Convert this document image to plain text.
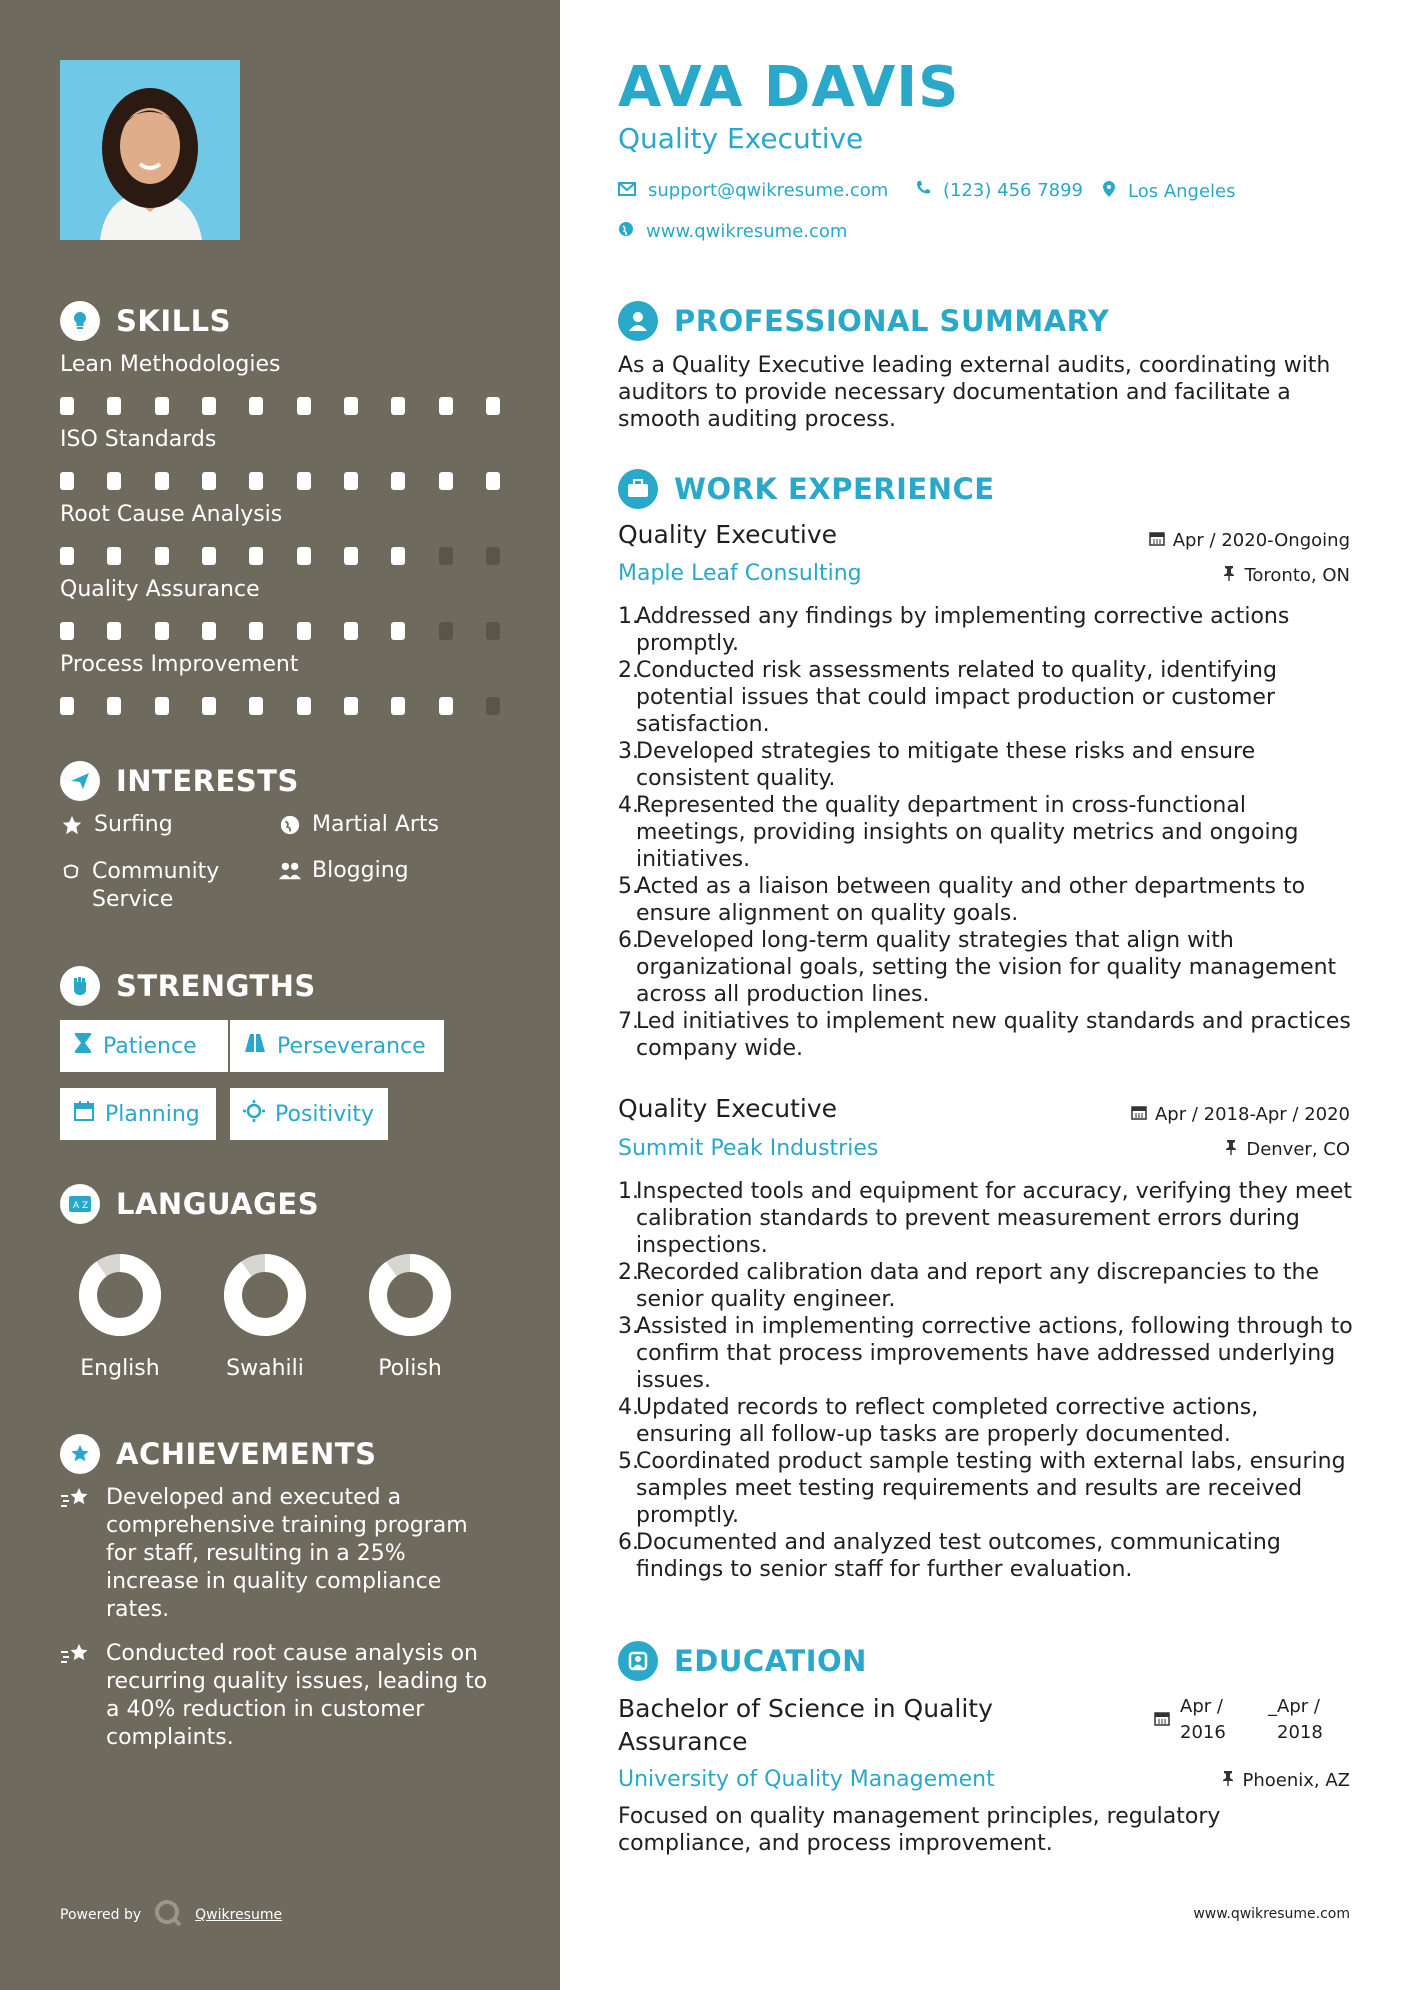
SKILLS
Lean Methodologies
ISO Standards
Root Cause Analysis
Quality Assurance
Process Improvement
INTERESTS
Surfing	Martial Arts
Community Service
Blogging
STRENGTHS
Patience	Perseverance
Planning	Positivity
A Z LANGUAGES
English	Swahili	Polish
ACHIEVEMENTS
Developed and executed a comprehensive training program for staff, resulting in a 25% increase in quality compliance rates.
Conducted root cause analysis on recurring quality issues, leading to a 40% reduction in customer complaints.
Powered by	Qwikresume
AVA DAVIS
Quality Executive
support@qwikresume.com	(123) 456 7899 Los Angeles
www.qwikresume.com
PROFESSIONAL SUMMARY
As a Quality Executive leading external audits, coordinating with auditors to provide necessary documentation and facilitate a smooth auditing process.
WORK EXPERIENCE
Quality Executive	Apr / 2020-Ongoing
Maple Leaf Consulting	Toronto, ON
1.
Addressed any findings by implementing corrective actions promptly.
2.
Conducted risk assessments related to quality, identifying potential issues that could impact production or customer satisfaction.
3.
Developed strategies to mitigate these risks and ensure consistent quality.
4.
Represented the quality department in cross-functional meetings, providing insights on quality metrics and ongoing initiatives.
5.
Acted as a liaison between quality and other departments to ensure alignment on quality goals.
6.
Developed long-term quality strategies that align with organizational goals, setting the vision for quality management across all production lines.
7.
Led initiatives to implement new quality standards and practices company wide.
Quality Executive	Apr / 2018-Apr / 2020
Summit Peak Industries	Denver, CO
1.
Inspected tools and equipment for accuracy, verifying they meet calibration standards to prevent measurement errors during inspections.
2.
Recorded calibration data and report any discrepancies to the senior quality engineer.
3.
Assisted in implementing corrective actions, following through to confirm that process improvements have addressed underlying issues.
4.
Updated records to reflect completed corrective actions, ensuring all follow-up tasks are properly documented.
5.
Coordinated product sample testing with external labs, ensuring samples meet testing requirements and results are received promptly.
6.
Documented and analyzed test outcomes, communicating findings to senior staff for further evaluation.
EDUCATION
Bachelor of Science in Quality
Assurance
Apr /
2016
_Apr /
2018
University of Quality Management	Phoenix, AZ
Focused on quality management principles, regulatory compliance, and process improvement.
www.qwikresume.com
